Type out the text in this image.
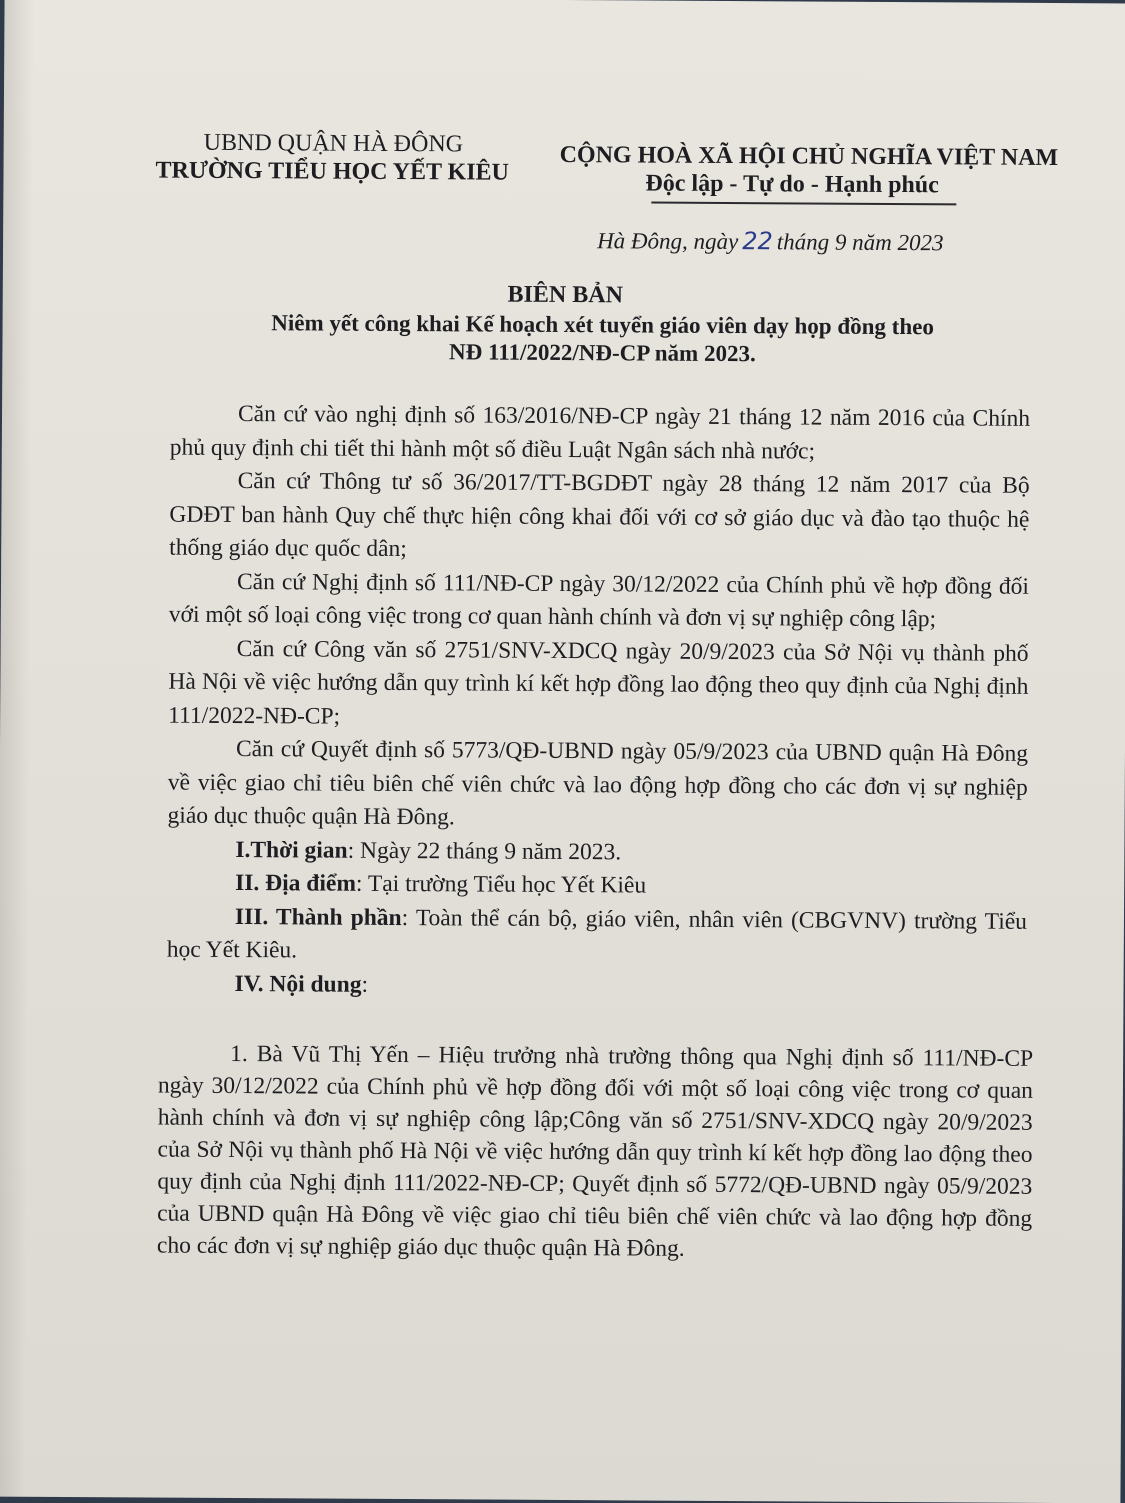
UBND QUẬN HÀ ĐÔNG
TRƯỜNG TIỂU HỌC YẾT KIÊU
CỘNG HOÀ XÃ HỘI CHỦ NGHĨA VIỆT NAM
Độc lập - Tự do - Hạnh phúc
Hà Đông, ngày 22 tháng 9 năm 2023
BIÊN BẢN
Niêm yết công khai Kế hoạch xét tuyển giáo viên dạy họp đồng theo
NĐ 111/2022/NĐ-CP năm 2023.

Căn cứ vào nghị định số 163/2016/NĐ-CP ngày 21 tháng 12 năm 2016 của Chính phủ quy định chi tiết thi hành một số điều Luật Ngân sách nhà nước;

Căn cứ Thông tư số 36/2017/TT-BGDĐT ngày 28 tháng 12 năm 2017 của Bộ GDĐT ban hành Quy chế thực hiện công khai đối với cơ sở giáo dục và đào tạo thuộc hệ thống giáo dục quốc dân;

Căn cứ Nghị định số 111/NĐ-CP ngày 30/12/2022 của Chính phủ về hợp đồng đối với một số loại công việc trong cơ quan hành chính và đơn vị sự nghiệp công lập;

Căn cứ Công văn số 2751/SNV-XDCQ ngày 20/9/2023 của Sở Nội vụ thành phố Hà Nội về việc hướng dẫn quy trình kí kết hợp đồng lao động theo quy định của Nghị định 111/2022-NĐ-CP;

Căn cứ Quyết định số 5773/QĐ-UBND ngày 05/9/2023 của UBND quận Hà Đông về việc giao chỉ tiêu biên chế viên chức và lao động hợp đồng cho các đơn vị sự nghiệp giáo dục thuộc quận Hà Đông.

I.Thời gian: Ngày 22 tháng 9 năm 2023.

II. Địa điểm: Tại trường Tiểu học Yết Kiêu

III. Thành phần: Toàn thể cán bộ, giáo viên, nhân viên (CBGVNV) trường Tiểu học Yết Kiêu.

IV. Nội dung:

1. Bà Vũ Thị Yến – Hiệu trưởng nhà trường thông qua Nghị định số 111/NĐ-CP ngày 30/12/2022 của Chính phủ về hợp đồng đối với một số loại công việc trong cơ quan hành chính và đơn vị sự nghiệp công lập;Công văn số 2751/SNV-XDCQ ngày 20/9/2023 của Sở Nội vụ thành phố Hà Nội về việc hướng dẫn quy trình kí kết hợp đồng lao động theo quy định của Nghị định 111/2022-NĐ-CP; Quyết định số 5772/QĐ-UBND ngày 05/9/2023 của UBND quận Hà Đông về việc giao chỉ tiêu biên chế viên chức và lao động hợp đồng cho các đơn vị sự nghiệp giáo dục thuộc quận Hà Đông.
